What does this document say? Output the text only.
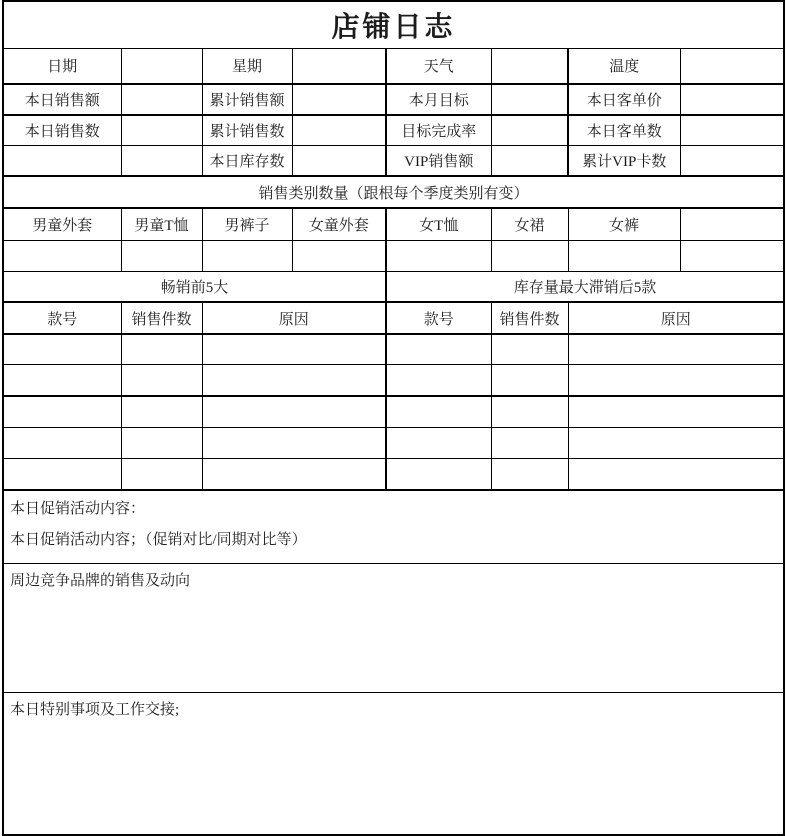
店铺日志							
日期		星期		天气		温度	
本日销售额		累计销售额		本月目标		本日客单价	
本日销售数		累计销售数		目标完成率		本日客单数	
		本日库存数		VIP销售额		累计VIP卡数	
销售类别数量（跟根每个季度类别有变）							
男童外套	男童T恤	男裤子	女童外套	女T恤	女裙	女裤	

畅销前5大				库存量最大滞销后5款			
款号	销售件数	原因		款号	销售件数	原因	

本日促销活动内容：
本日促销活动内容；（促销对比/同期对比等）							

周边竞争品牌的销售及动向							

本日特别事项及工作交接;							
